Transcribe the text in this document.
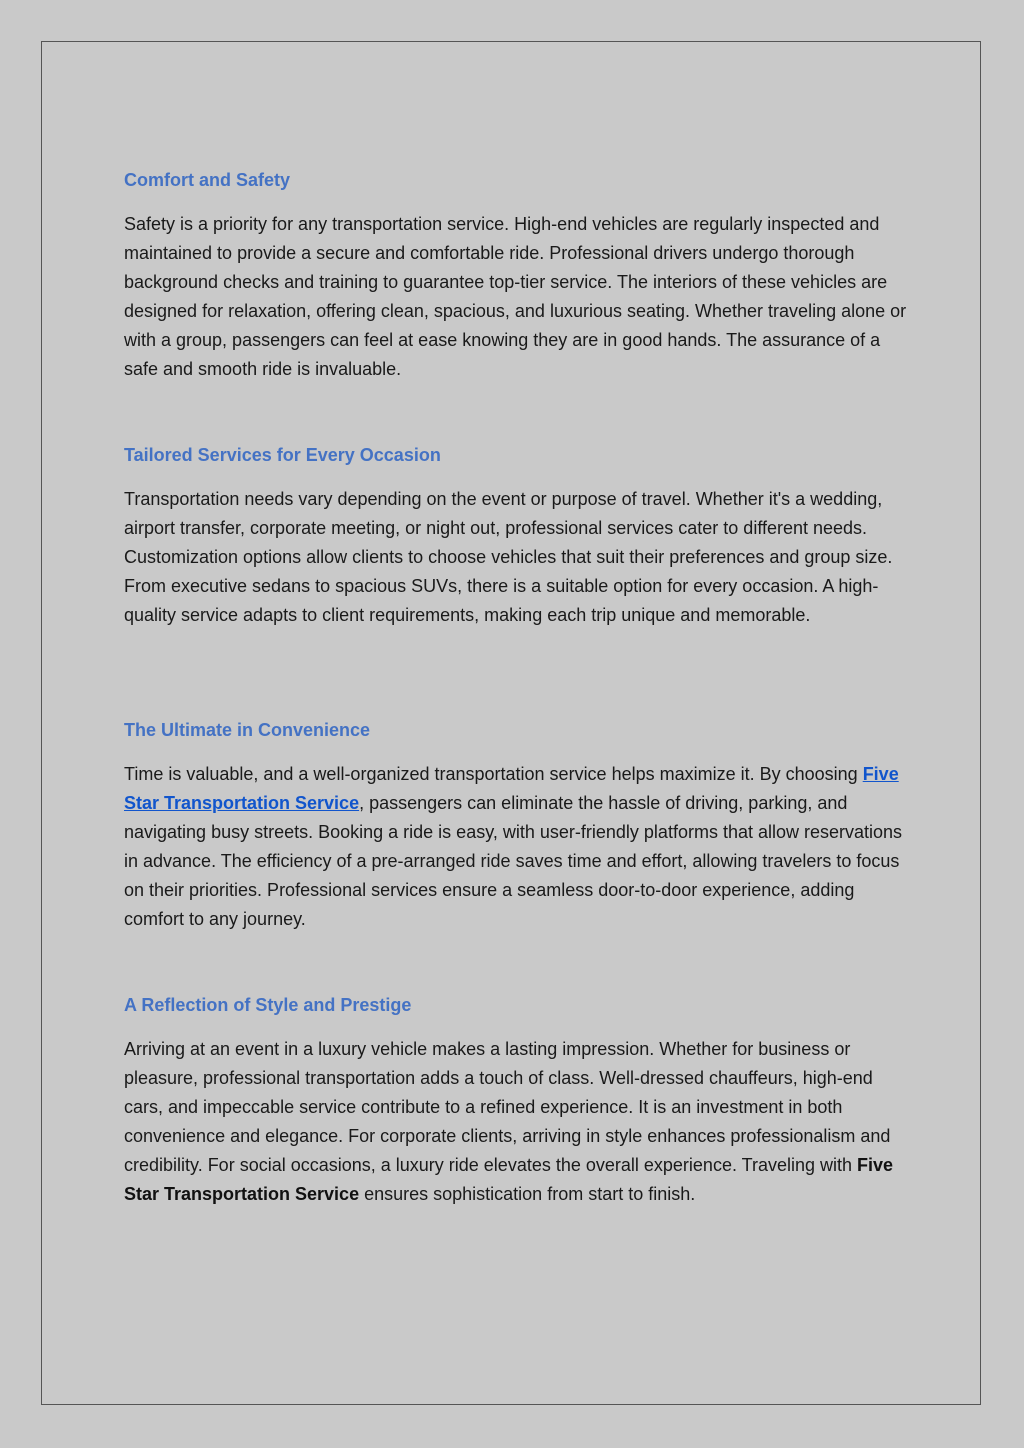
Comfort and Safety

Safety is a priority for any transportation service. High-end vehicles are regularly inspected and maintained to provide a secure and comfortable ride. Professional drivers undergo thorough background checks and training to guarantee top-tier service. The interiors of these vehicles are designed for relaxation, offering clean, spacious, and luxurious seating. Whether traveling alone or with a group, passengers can feel at ease knowing they are in good hands. The assurance of a safe and smooth ride is invaluable.

Tailored Services for Every Occasion

Transportation needs vary depending on the event or purpose of travel. Whether it's a wedding, airport transfer, corporate meeting, or night out, professional services cater to different needs. Customization options allow clients to choose vehicles that suit their preferences and group size. From executive sedans to spacious SUVs, there is a suitable option for every occasion. A high-quality service adapts to client requirements, making each trip unique and memorable.

The Ultimate in Convenience

Time is valuable, and a well-organized transportation service helps maximize it. By choosing Five Star Transportation Service, passengers can eliminate the hassle of driving, parking, and navigating busy streets. Booking a ride is easy, with user-friendly platforms that allow reservations in advance. The efficiency of a pre-arranged ride saves time and effort, allowing travelers to focus on their priorities. Professional services ensure a seamless door-to-door experience, adding comfort to any journey.

A Reflection of Style and Prestige

Arriving at an event in a luxury vehicle makes a lasting impression. Whether for business or pleasure, professional transportation adds a touch of class. Well-dressed chauffeurs, high-end cars, and impeccable service contribute to a refined experience. It is an investment in both convenience and elegance. For corporate clients, arriving in style enhances professionalism and credibility. For social occasions, a luxury ride elevates the overall experience. Traveling with Five Star Transportation Service ensures sophistication from start to finish.
